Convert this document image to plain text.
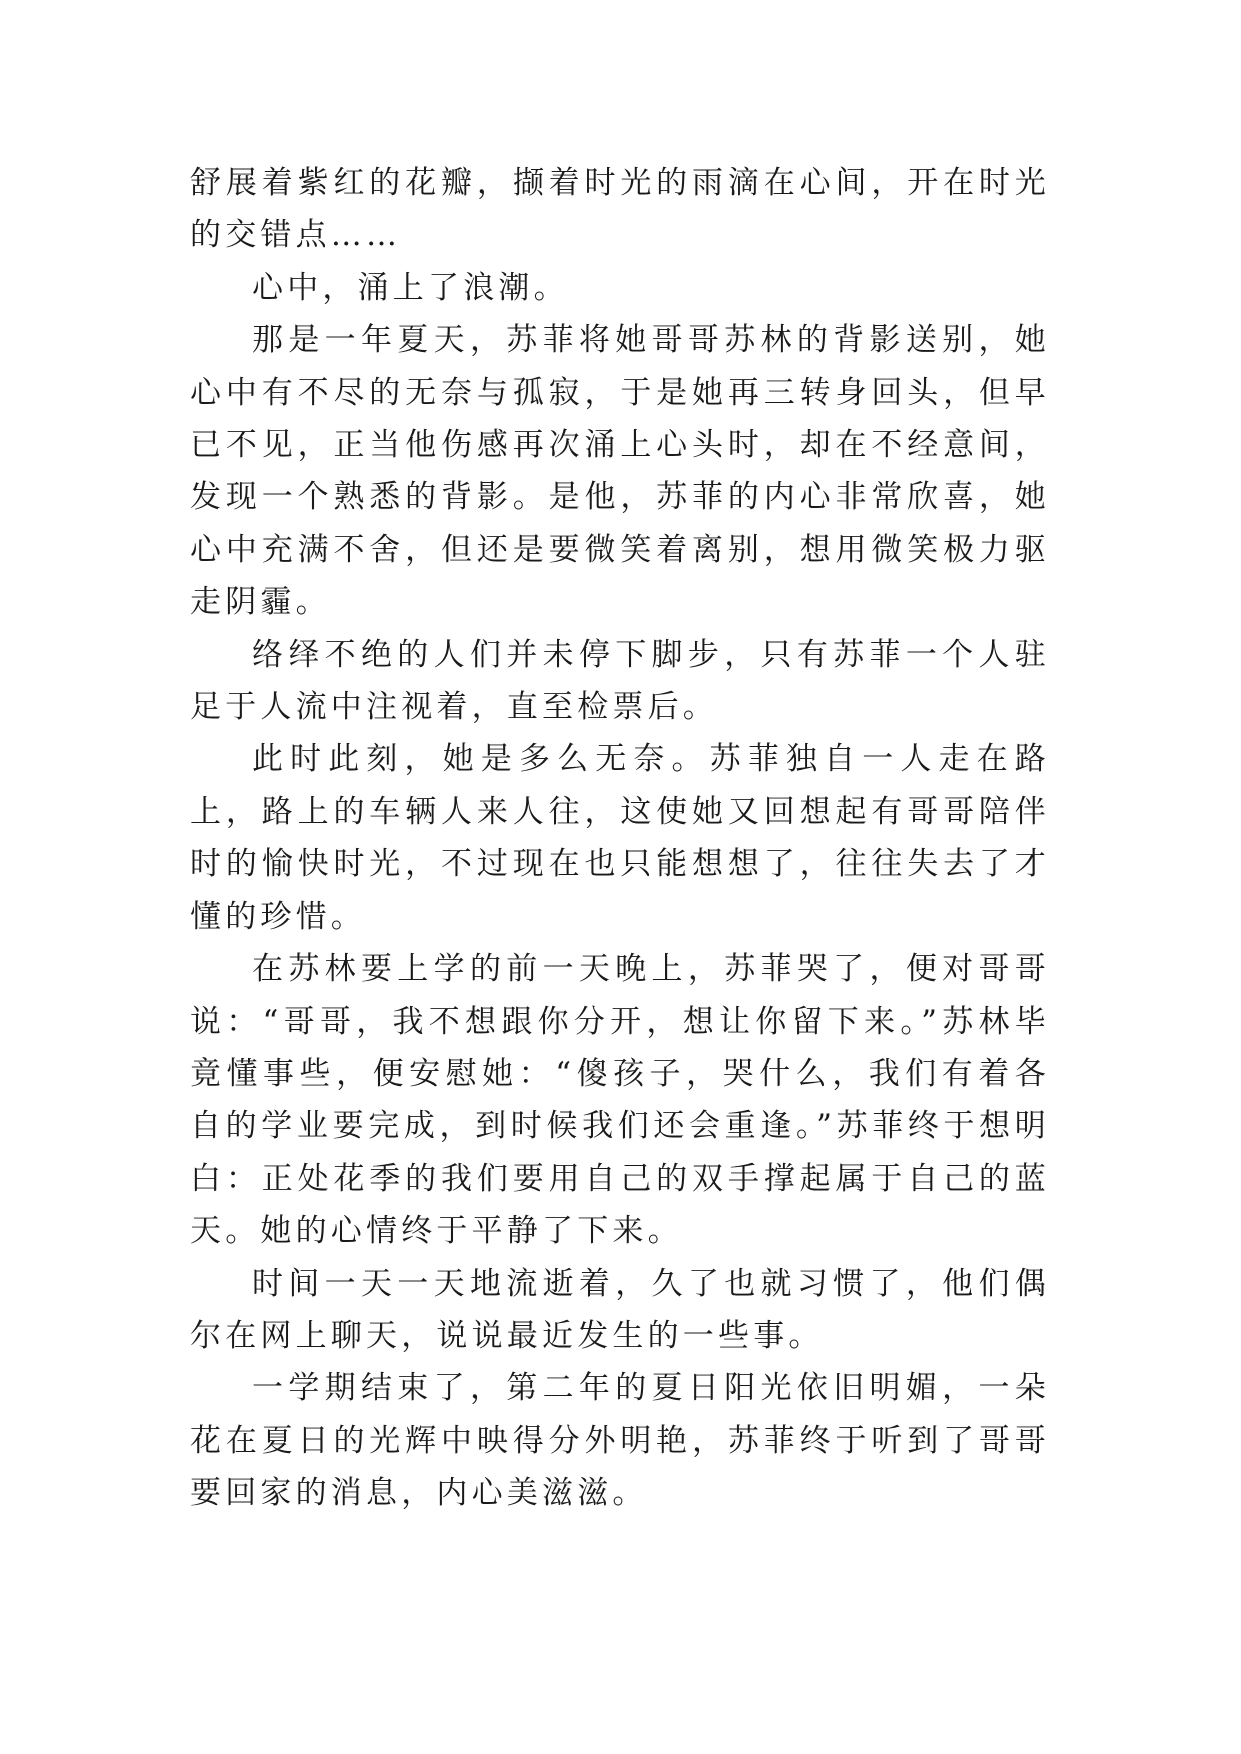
舒展着紫红的花瓣，撷着时光的雨滴在心间，开在时光的交错点……

心中，涌上了浪潮。

那是一年夏天，苏菲将她哥哥苏林的背影送别，她心中有不尽的无奈与孤寂，于是她再三转身回头，但早已不见，正当他伤感再次涌上心头时，却在不经意间，发现一个熟悉的背影。是他，苏菲的内心非常欣喜，她心中充满不舍，但还是要微笑着离别，想用微笑极力驱走阴霾。

络绎不绝的人们并未停下脚步，只有苏菲一个人驻足于人流中注视着，直至检票后。

此时此刻，她是多么无奈。苏菲独自一人走在路上，路上的车辆人来人往，这使她又回想起有哥哥陪伴时的愉快时光，不过现在也只能想想了，往往失去了才懂的珍惜。

在苏林要上学的前一天晚上，苏菲哭了，便对哥哥说：“哥哥，我不想跟你分开，想让你留下来。”苏林毕竟懂事些，便安慰她：“傻孩子，哭什么，我们有着各自的学业要完成，到时候我们还会重逢。”苏菲终于想明白：正处花季的我们要用自己的双手撑起属于自己的蓝天。她的心情终于平静了下来。

时间一天一天地流逝着，久了也就习惯了，他们偶尔在网上聊天，说说最近发生的一些事。

一学期结束了，第二年的夏日阳光依旧明媚，一朵花在夏日的光辉中映得分外明艳，苏菲终于听到了哥哥要回家的消息，内心美滋滋。
